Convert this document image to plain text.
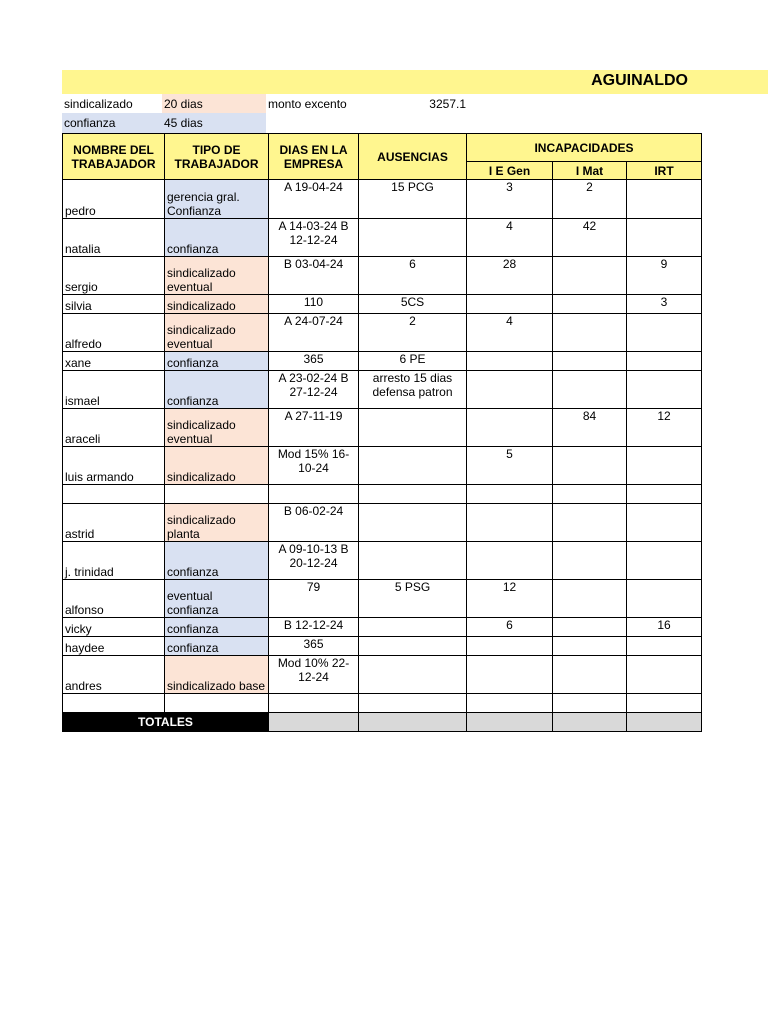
AGUINALDO
sindicalizado	20 dias	monto excento	3257.1
confianza	45 dias
NOMBRE DEL TRABAJADOR	TIPO DE TRABAJADOR	DIAS EN LA EMPRESA	AUSENCIAS	INCAPACIDADES		
				I E Gen	I Mat	IRT
pedro	gerencia gral. Confianza	A 19-04-24	15 PCG	3	2	
natalia	confianza	A 14-03-24 B 12-12-24		4	42	
sergio	sindicalizado eventual	B 03-04-24	6	28		9
silvia	sindicalizado	110	5CS			3
alfredo	sindicalizado eventual	A 24-07-24	2	4		
xane	confianza	365	6 PE			
ismael	confianza	A 23-02-24 B 27-12-24	arresto 15 dias defensa patron			
araceli	sindicalizado eventual	A 27-11-19			84	12
luis armando	sindicalizado	Mod 15% 16-10-24		5		

astrid	sindicalizado planta	B 06-02-24				
j. trinidad	confianza	A 09-10-13 B 20-12-24				
alfonso	eventual confianza	79	5 PSG	12		
vicky	confianza	B 12-12-24		6		16
haydee	confianza	365				
andres	sindicalizado base	Mod 10% 22-12-24				

TOTALES						
